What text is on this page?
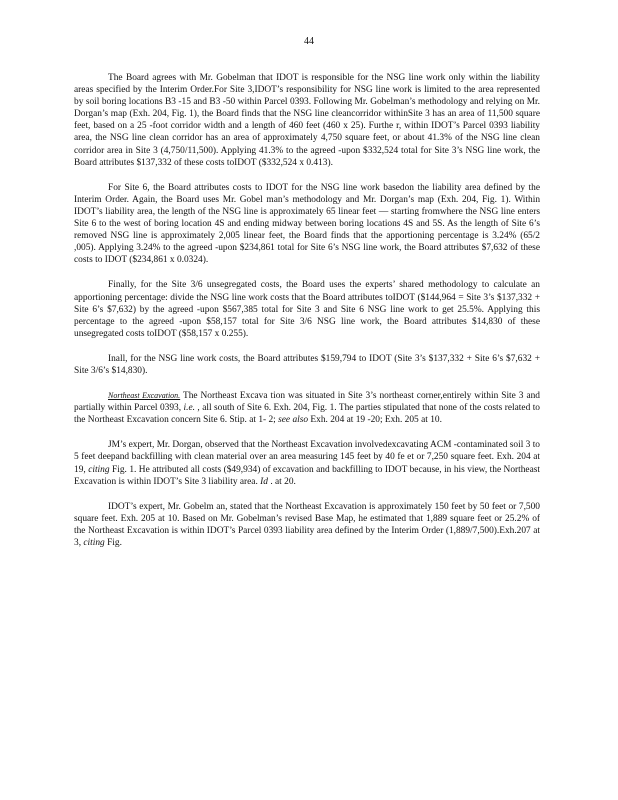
44

The Board agrees with Mr. Gobelman that IDOT is responsible for the NSG line work only within the liability areas specified by the Interim Order.For Site 3,IDOT’s responsibility for NSG line work is limited to the area represented by soil boring locations B3 -15 and B3 -50 within Parcel 0393. Following Mr. Gobelman’s methodology and relying on Mr. Dorgan’s map (Exh. 204, Fig. 1), the Board finds that the NSG line cleancorridor withinSite 3 has an area of 11,500 square feet, based on a 25 -foot corridor width and a length of 460 feet (460 x 25). Furthe r, within IDOT’s Parcel 0393 liability area, the NSG line clean corridor has an area of approximately 4,750 square feet, or about 41.3% of the NSG line clean corridor area in Site 3 (4,750/11,500). Applying 41.3% to the agreed -upon $332,524 total for Site 3’s NSG line work, the Board attributes $137,332 of these costs toIDOT ($332,524 x 0.413).

For Site 6, the Board attributes costs to IDOT for the NSG line work basedon the liability area defined by the Interim Order. Again, the Board uses Mr. Gobel man’s methodology and Mr. Dorgan’s map (Exh. 204, Fig. 1). Within IDOT’s liability area, the length of the NSG line is approximately 65 linear feet — starting fromwhere the NSG line enters Site 6 to the west of boring location 4S and ending midway between boring locations 4S and 5S. As the length of Site 6’s removed NSG line is approximately 2,005 linear feet, the Board finds that the apportioning percentage is 3.24% (65/2 ,005). Applying 3.24% to the agreed -upon $234,861 total for Site 6’s NSG line work, the Board attributes $7,632 of these costs to IDOT ($234,861 x 0.0324).

Finally, for the Site 3/6 unsegregated costs, the Board uses the experts’ shared methodology to calculate an apportioning percentage: divide the NSG line work costs that the Board attributes toIDOT ($144,964 = Site 3’s $137,332 + Site 6’s $7,632) by the agreed -upon $567,385 total for Site 3 and Site 6 NSG line work to get 25.5%. Applying this percentage to the agreed -upon $58,157 total for Site 3/6 NSG line work, the Board attributes $14,830 of these unsegregated costs toIDOT ($58,157 x 0.255).

Inall, for the NSG line work costs, the Board attributes $159,794 to IDOT (Site 3’s $137,332 + Site 6’s $7,632 + Site 3/6’s $14,830).

Northeast Excavation. The Northeast Excava tion was situated in Site 3’s northeast corner,entirely within Site 3 and partially within Parcel 0393, i.e. , all south of Site 6. Exh. 204, Fig. 1. The parties stipulated that none of the costs related to the Northeast Excavation concern Site 6. Stip. at 1- 2; see also Exh. 204 at 19 -20; Exh. 205 at 10.

JM’s expert, Mr. Dorgan, observed that the Northeast Excavation involvedexcavating ACM -contaminated soil 3 to 5 feet deepand backfilling with clean material over an area measuring 145 feet by 40 fe et or 7,250 square feet. Exh. 204 at 19, citing Fig. 1. He attributed all costs ($49,934) of excavation and backfilling to IDOT because, in his view, the Northeast Excavation is within IDOT’s Site 3 liability area. Id . at 20.

IDOT’s expert, Mr. Gobelm an, stated that the Northeast Excavation is approximately 150 feet by 50 feet or 7,500 square feet. Exh. 205 at 10. Based on Mr. Gobelman’s revised Base Map, he estimated that 1,889 square feet or 25.2% of the Northeast Excavation is within IDOT’s Parcel 0393 liability area defined by the Interim Order (1,889/7,500).Exh.207 at 3, citing Fig.
